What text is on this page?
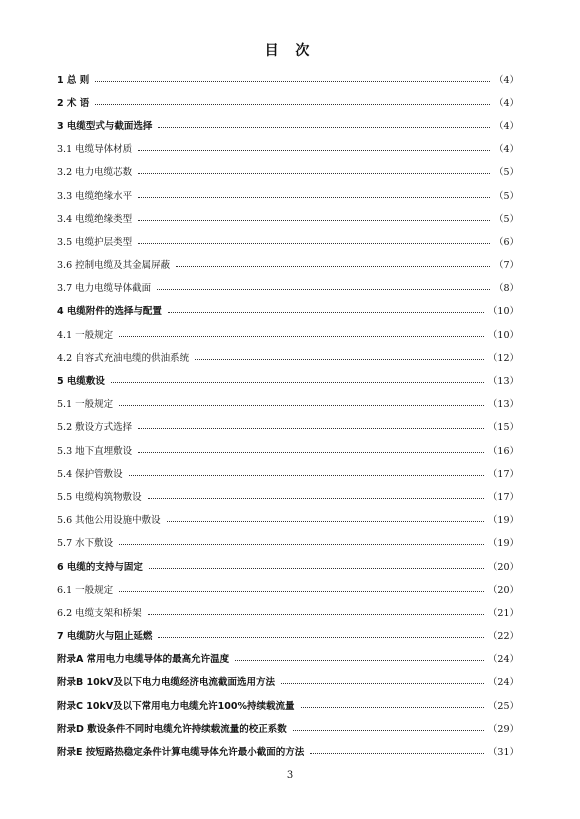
目 次
1 总 则	（4）
2 术 语	（4）
3 电缆型式与截面选择	（4）
3.1 电缆导体材质	（4）
3.2 电力电缆芯数	（5）
3.3 电缆绝缘水平	（5）
3.4 电缆绝缘类型	（5）
3.5 电缆护层类型	（6）
3.6 控制电缆及其金属屏蔽	（7）
3.7 电力电缆导体截面	（8）
4 电缆附件的选择与配置	（10）
4.1 一般规定	（10）
4.2 自容式充油电缆的供油系统	（12）
5 电缆敷设	（13）
5.1 一般规定	（13）
5.2 敷设方式选择	（15）
5.3 地下直埋敷设	（16）
5.4 保护管敷设	（17）
5.5 电缆构筑物敷设	（17）
5.6 其他公用设施中敷设	（19）
5.7 水下敷设	（19）
6 电缆的支持与固定	（20）
6.1 一般规定	（20）
6.2 电缆支架和桥架	（21）
7 电缆防火与阻止延燃	（22）
附录A 常用电力电缆导体的最高允许温度	（24）
附录B 10kV及以下电力电缆经济电流截面选用方法	（24）
附录C 10kV及以下常用电力电缆允许100%持续载流量	（25）
附录D 敷设条件不同时电缆允许持续载流量的校正系数	（29）
附录E 按短路热稳定条件计算电缆导体允许最小截面的方法	（31）
3
